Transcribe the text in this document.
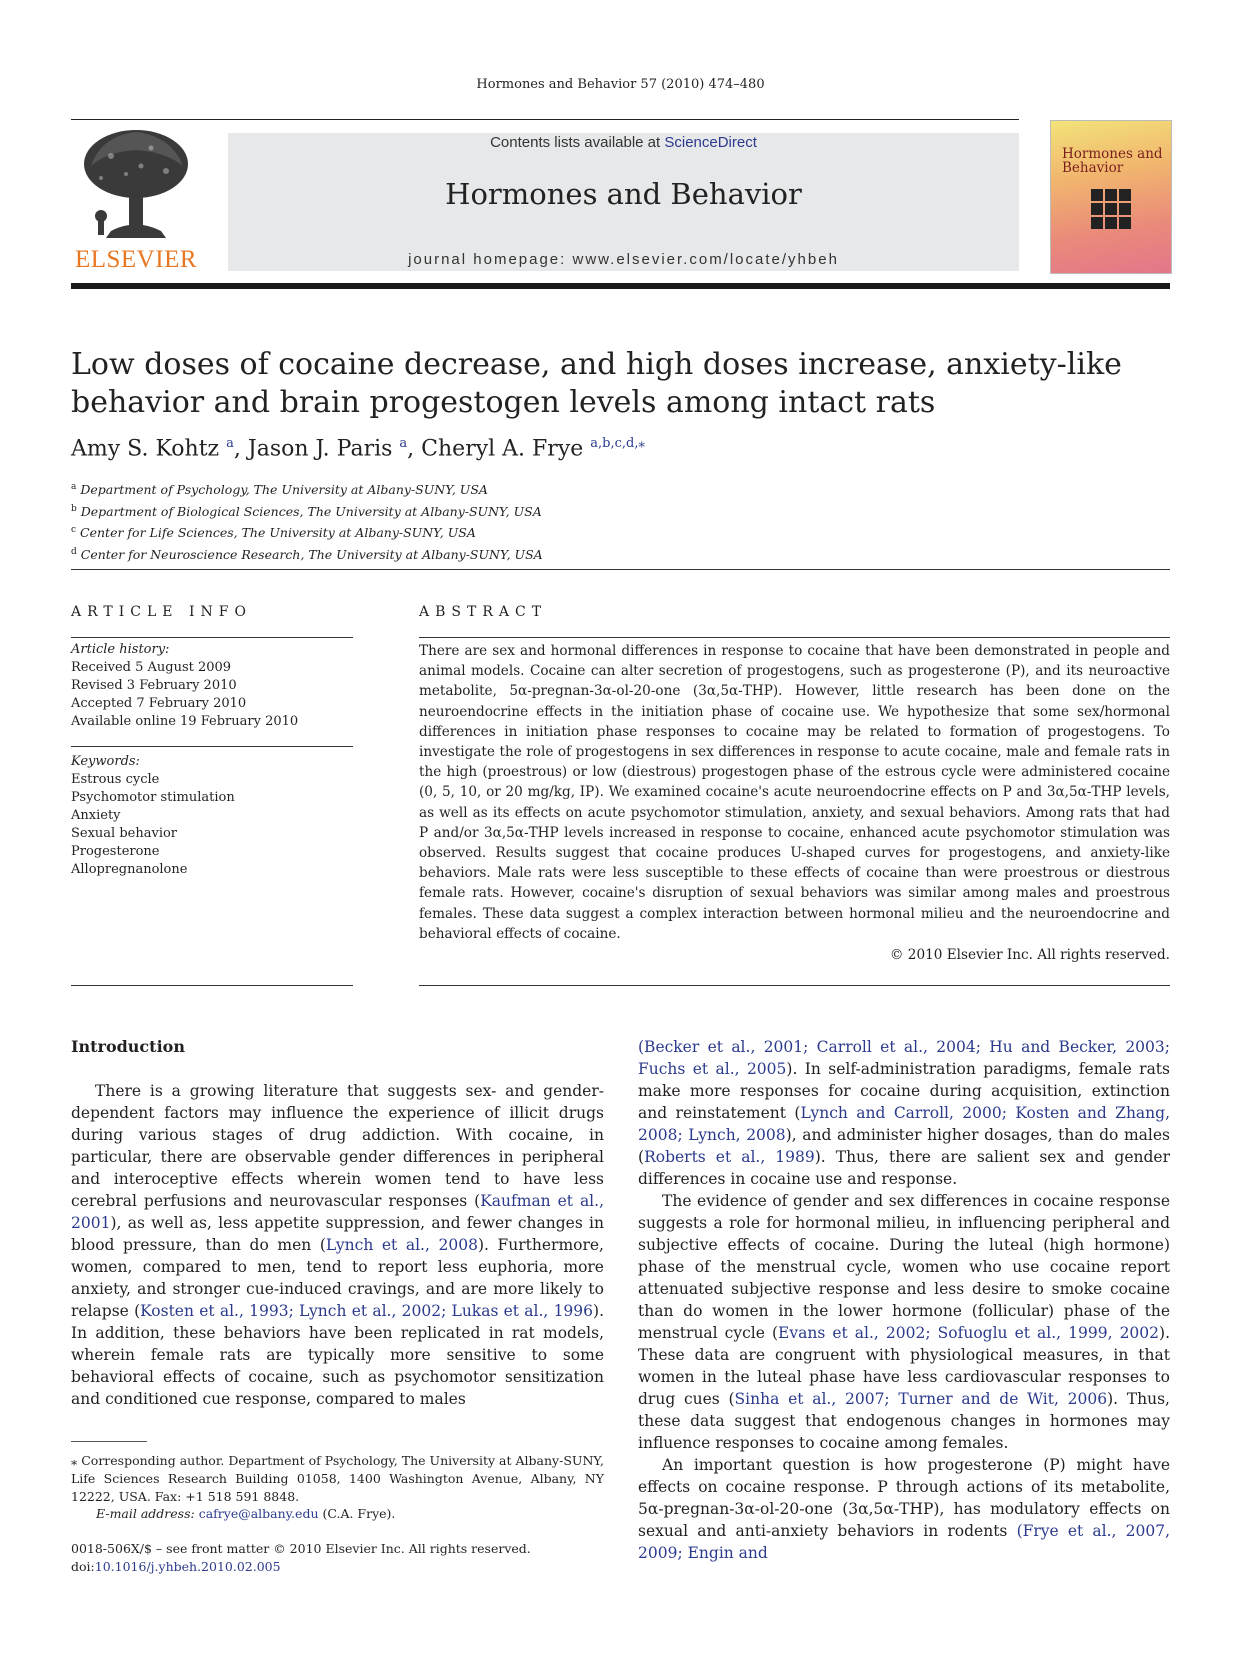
Hormones and Behavior 57 (2010) 474–480
ELSEVIER
Contents lists available at ScienceDirect
Hormones and Behavior
journal homepage: www.elsevier.com/locate/yhbeh
Hormones and Behavior
Low doses of cocaine decrease, and high doses increase, anxiety-like behavior and brain progestogen levels among intact rats
Amy S. Kohtz $^a$, Jason J. Paris $^a$, Cheryl A. Frye $^{a,b,c,d,⁎}$
$^a$ Department of Psychology, The University at Albany-SUNY, USA
$^b$ Department of Biological Sciences, The University at Albany-SUNY, USA
$^c$ Center for Life Sciences, The University at Albany-SUNY, USA
$^d$ Center for Neuroscience Research, The University at Albany-SUNY, USA
ARTICLE INFO	ABSTRACT
Article history:
Received 5 August 2009
Revised 3 February 2010
Accepted 7 February 2010
Available online 19 February 2010
Keywords:
Estrous cycle
Psychomotor stimulation
Anxiety
Sexual behavior
Progesterone
Allopregnanolone
There are sex and hormonal differences in response to cocaine that have been demonstrated in people and animal models. Cocaine can alter secretion of progestogens, such as progesterone (P), and its neuroactive metabolite, 5α-pregnan-3α-ol-20-one (3α,5α-THP). However, little research has been done on the neuroendocrine effects in the initiation phase of cocaine use. We hypothesize that some sex/hormonal differences in initiation phase responses to cocaine may be related to formation of progestogens. To investigate the role of progestogens in sex differences in response to acute cocaine, male and female rats in the high (proestrous) or low (diestrous) progestogen phase of the estrous cycle were administered cocaine (0, 5, 10, or 20 mg/kg, IP). We examined cocaine's acute neuroendocrine effects on P and 3α,5α-THP levels, as well as its effects on acute psychomotor stimulation, anxiety, and sexual behaviors. Among rats that had P and/or 3α,5α-THP levels increased in response to cocaine, enhanced acute psychomotor stimulation was observed. Results suggest that cocaine produces U-shaped curves for progestogens, and anxiety-like behaviors. Male rats were less susceptible to these effects of cocaine than were proestrous or diestrous female rats. However, cocaine's disruption of sexual behaviors was similar among males and proestrous females. These data suggest a complex interaction between hormonal milieu and the neuroendocrine and behavioral effects of cocaine.
© 2010 Elsevier Inc. All rights reserved.
Introduction

There is a growing literature that suggests sex- and gender-dependent factors may influence the experience of illicit drugs during various stages of drug addiction. With cocaine, in particular, there are observable gender differences in peripheral and interoceptive effects wherein women tend to have less cerebral perfusions and neurovascular responses (Kaufman et al., 2001), as well as, less appetite suppression, and fewer changes in blood pressure, than do men (Lynch et al., 2008). Furthermore, women, compared to men, tend to report less euphoria, more anxiety, and stronger cue-induced cravings, and are more likely to relapse (Kosten et al., 1993; Lynch et al., 2002; Lukas et al., 1996). In addition, these behaviors have been replicated in rat models, wherein female rats are typically more sensitive to some behavioral effects of cocaine, such as psychomotor sensitization and conditioned cue response, compared to males

(Becker et al., 2001; Carroll et al., 2004; Hu and Becker, 2003; Fuchs et al., 2005). In self-administration paradigms, female rats make more responses for cocaine during acquisition, extinction and reinstatement (Lynch and Carroll, 2000; Kosten and Zhang, 2008; Lynch, 2008), and administer higher dosages, than do males (Roberts et al., 1989). Thus, there are salient sex and gender differences in cocaine use and response.

The evidence of gender and sex differences in cocaine response suggests a role for hormonal milieu, in influencing peripheral and subjective effects of cocaine. During the luteal (high hormone) phase of the menstrual cycle, women who use cocaine report attenuated subjective response and less desire to smoke cocaine than do women in the lower hormone (follicular) phase of the menstrual cycle (Evans et al., 2002; Sofuoglu et al., 1999, 2002). These data are congruent with physiological measures, in that women in the luteal phase have less cardiovascular responses to drug cues (Sinha et al., 2007; Turner and de Wit, 2006). Thus, these data suggest that endogenous changes in hormones may influence responses to cocaine among females.

An important question is how progesterone (P) might have effects on cocaine response. P through actions of its metabolite, 5α-pregnan-3α-ol-20-one (3α,5α-THP), has modulatory effects on sexual and anti-anxiety behaviors in rodents (Frye et al., 2007, 2009; Engin and

⁎ Corresponding author. Department of Psychology, The University at Albany-SUNY, Life Sciences Research Building 01058, 1400 Washington Avenue, Albany, NY 12222, USA. Fax: +1 518 591 8848.
E-mail address: cafrye@albany.edu (C.A. Frye).
0018-506X/$ – see front matter © 2010 Elsevier Inc. All rights reserved.
doi:10.1016/j.yhbeh.2010.02.005
